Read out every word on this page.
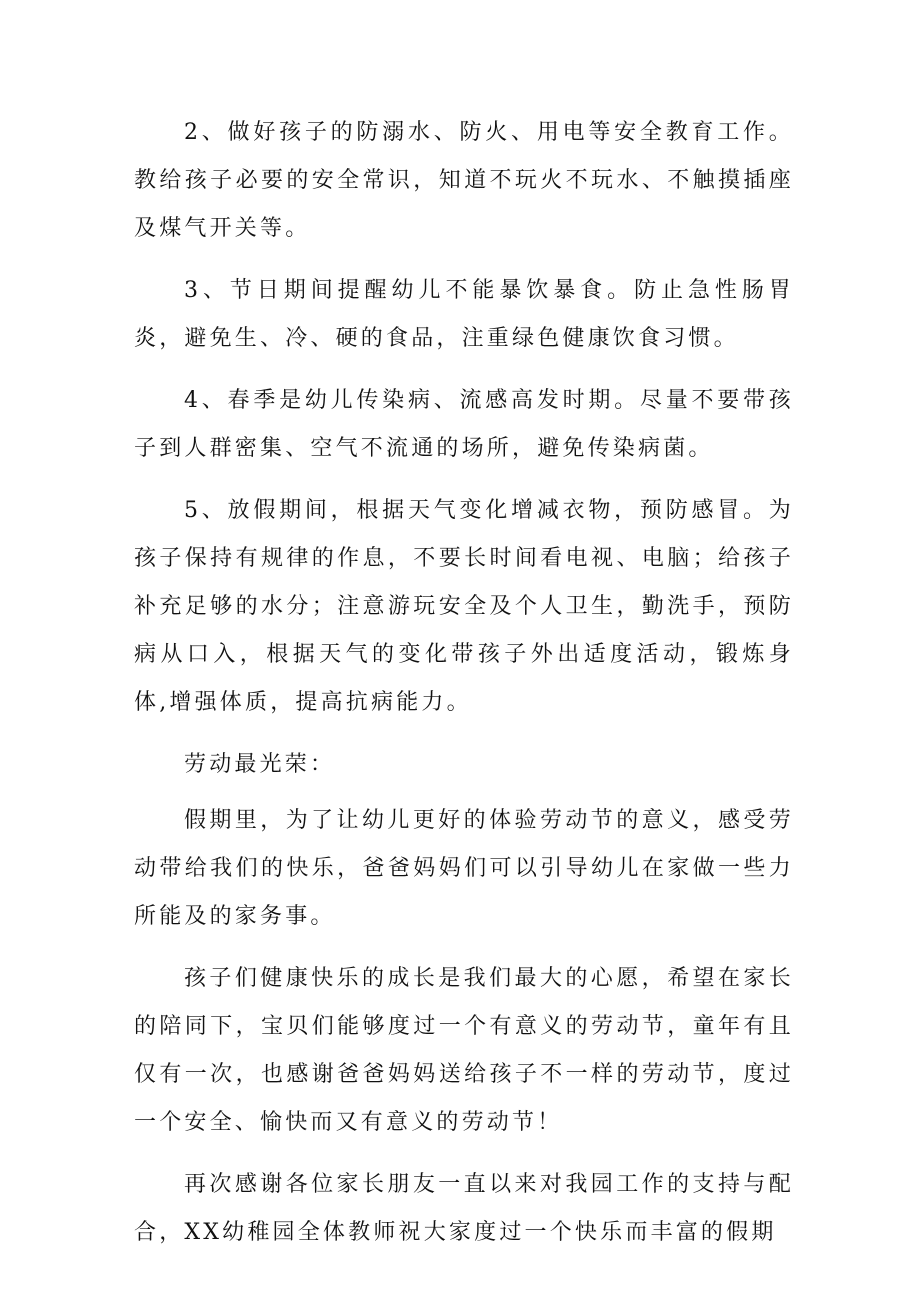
2、做好孩子的防溺水、防火、用电等安全教育工作。教给孩子必要的安全常识，知道不玩火不玩水、不触摸插座及煤气开关等。

3、节日期间提醒幼儿不能暴饮暴食。防止急性肠胃炎，避免生、冷、硬的食品，注重绿色健康饮食习惯。

4、春季是幼儿传染病、流感高发时期。尽量不要带孩子到人群密集、空气不流通的场所，避免传染病菌。

5、放假期间，根据天气变化增减衣物，预防感冒。为孩子保持有规律的作息，不要长时间看电视、电脑；给孩子补充足够的水分；注意游玩安全及个人卫生，勤洗手，预防病从口入，根据天气的变化带孩子外出适度活动，锻炼身体,增强体质，提高抗病能力。

劳动最光荣：

假期里，为了让幼儿更好的体验劳动节的意义，感受劳动带给我们的快乐，爸爸妈妈们可以引导幼儿在家做一些力所能及的家务事。

孩子们健康快乐的成长是我们最大的心愿，希望在家长的陪同下，宝贝们能够度过一个有意义的劳动节，童年有且仅有一次，也感谢爸爸妈妈送给孩子不一样的劳动节，度过一个安全、愉快而又有意义的劳动节！

再次感谢各位家长朋友一直以来对我园工作的支持与配合，XX幼稚园全体教师祝大家度过一个快乐而丰富的假期
